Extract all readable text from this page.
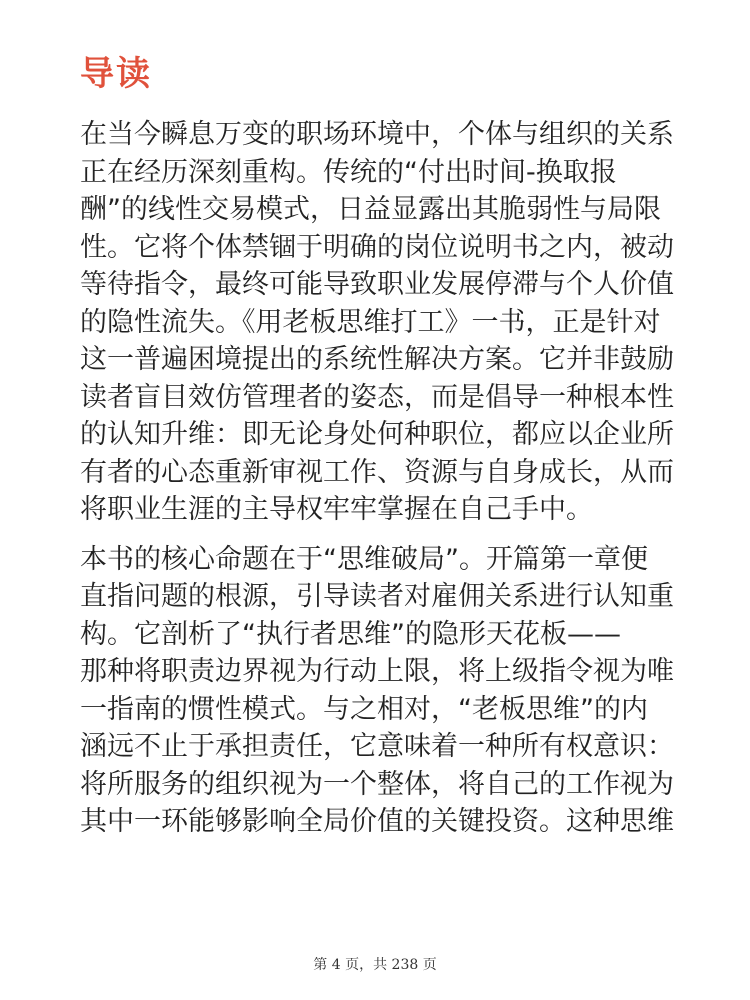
导读

在当今瞬息万变的职场环境中，个体与组织的关系
正在经历深刻重构。传统的“付出时间-换取报
酬”的线性交易模式，日益显露出其脆弱性与局限
性。它将个体禁锢于明确的岗位说明书之内，被动
等待指令，最终可能导致职业发展停滞与个人价值
的隐性流失。《用老板思维打工》一书，正是针对
这一普遍困境提出的系统性解决方案。它并非鼓励
读者盲目效仿管理者的姿态，而是倡导一种根本性
的认知升维：即无论身处何种职位，都应以企业所
有者的心态重新审视工作、资源与自身成长，从而
将职业生涯的主导权牢牢掌握在自己手中。

本书的核心命题在于“思维破局”。开篇第一章便
直指问题的根源，引导读者对雇佣关系进行认知重
构。它剖析了“执行者思维”的隐形天花板——
那种将职责边界视为行动上限，将上级指令视为唯
一指南的惯性模式。与之相对，“老板思维”的内
涵远不止于承担责任，它意味着一种所有权意识：
将所服务的组织视为一个整体，将自己的工作视为
其中一环能够影响全局价值的关键投资。这种思维

第 4 页，共 238 页
